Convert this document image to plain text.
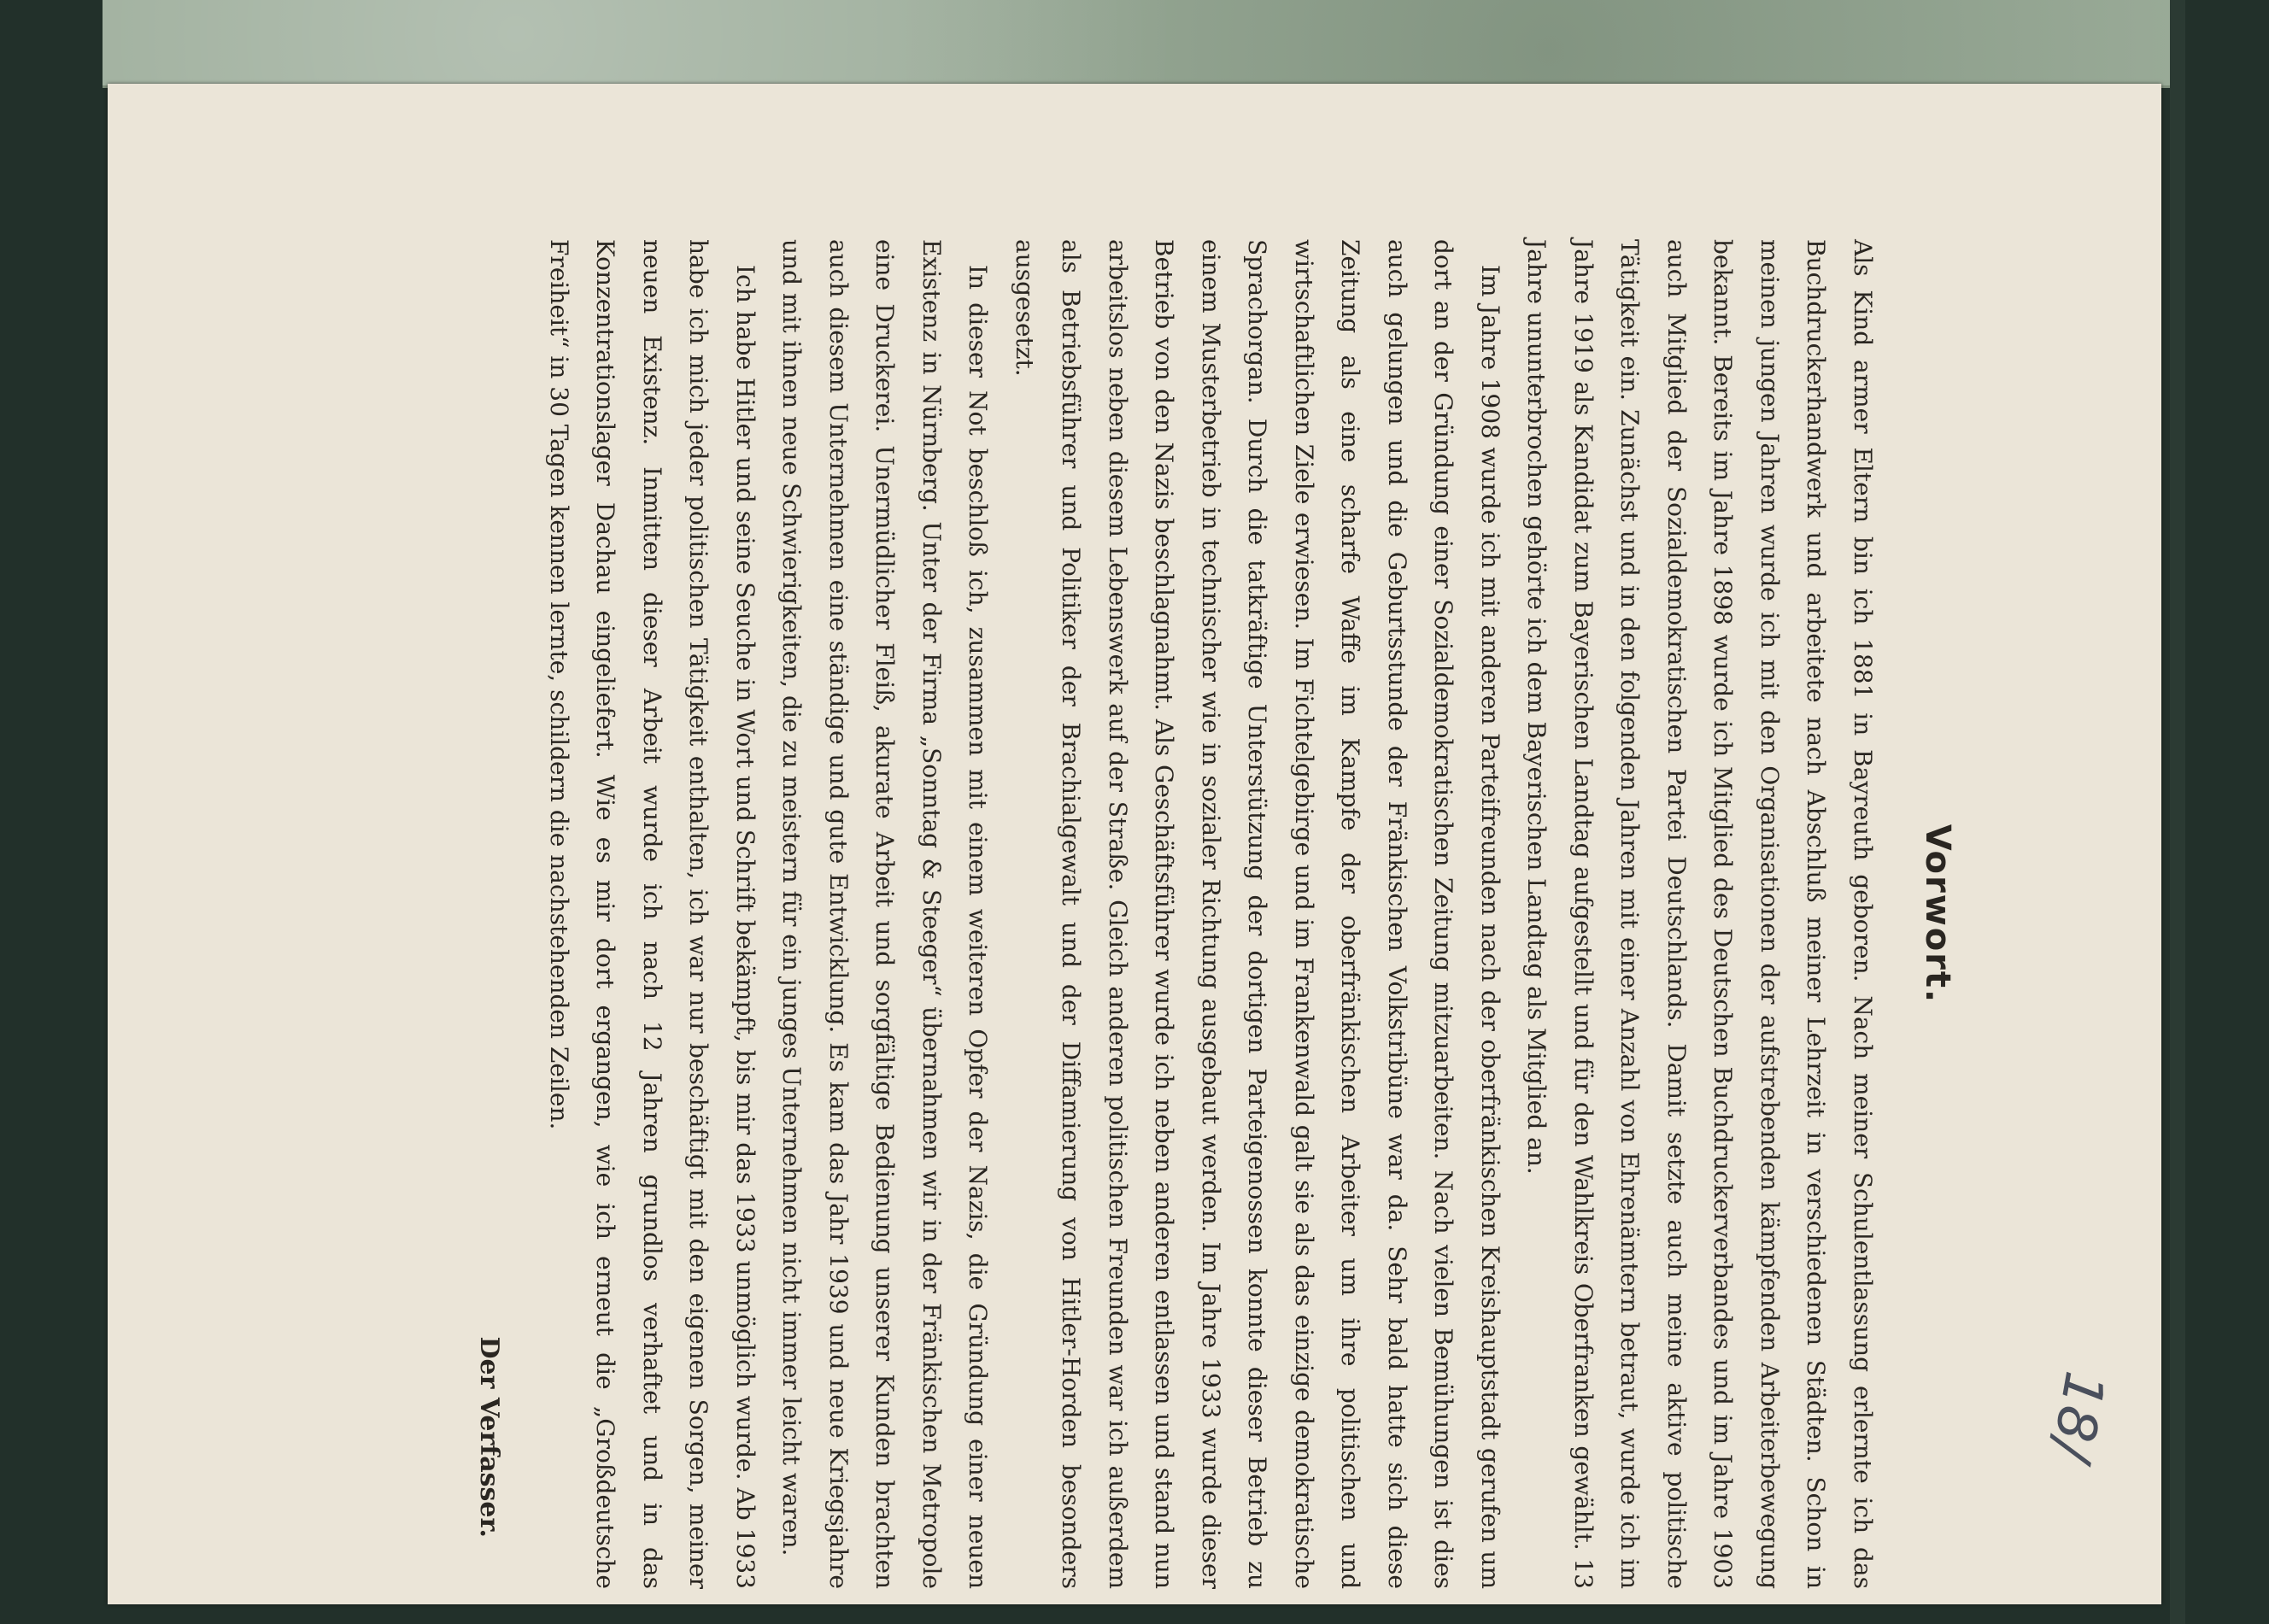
Vorwort.

Als Kind armer Eltern bin ich 1881 in Bayreuth geboren. Nach meiner Schulentlassung erlernte ich das Buchdruckerhandwerk und arbeitete nach Abschluß meiner Lehrzeit in verschiedenen Städten. Schon in meinen jungen Jahren wurde ich mit den Organisationen der aufstrebenden kämpfenden Arbeiterbewegung bekannt. Bereits im Jahre 1898 wurde ich Mitglied des Deutschen Buchdruckerverbandes und im Jahre 1903 auch Mitglied der Sozialdemokratischen Partei Deutschlands. Damit setzte auch meine aktive politische Tätigkeit ein. Zunächst und in den folgenden Jahren mit einer Anzahl von Ehrenämtern betraut, wurde ich im Jahre 1919 als Kandidat zum Bayerischen Landtag aufgestellt und für den Wahlkreis Oberfranken gewählt. 13 Jahre ununterbrochen gehörte ich dem Bayerischen Landtag als Mitglied an.

Im Jahre 1908 wurde ich mit anderen Parteifreunden nach der oberfränkischen Kreishauptstadt gerufen um dort an der Gründung einer Sozialdemokratischen Zeitung mitzuarbeiten. Nach vielen Bemühungen ist dies auch gelungen und die Geburtsstunde der Fränkischen Volkstribüne war da. Sehr bald hatte sich diese Zeitung als eine scharfe Waffe im Kampfe der oberfränkischen Arbeiter um ihre politischen und wirtschaftlichen Ziele erwiesen. Im Fichtelgebirge und im Frankenwald galt sie als das einzige demokratische Sprachorgan. Durch die tatkräftige Unterstützung der dortigen Parteigenossen konnte dieser Betrieb zu einem Musterbetrieb in technischer wie in sozialer Richtung ausgebaut werden. Im Jahre 1933 wurde dieser Betrieb von den Nazis beschlagnahmt. Als Geschäftsführer wurde ich neben anderen entlassen und stand nun arbeitslos neben diesem Lebenswerk auf der Straße. Gleich anderen politischen Freunden war ich außerdem als Betriebsführer und Politiker der Brachialgewalt und der Diffamierung von Hitler-Horden besonders ausgesetzt.

In dieser Not beschloß ich, zusammen mit einem weiteren Opfer der Nazis, die Gründung einer neuen Existenz in Nürnberg. Unter der Firma „Sonntag & Steeger“ übernahmen wir in der Fränkischen Metropole eine Druckerei. Unermüdlicher Fleiß, akurate Arbeit und sorgfältige Bedienung unserer Kunden brachten auch diesem Unternehmen eine ständige und gute Entwicklung. Es kam das Jahr 1939 und neue Kriegsjahre und mit ihnen neue Schwierigkeiten, die zu meistern für ein junges Unternehmen nicht immer leicht waren.

Ich habe Hitler und seine Seuche in Wort und Schrift bekämpft, bis mir das 1933 unmöglich wurde. Ab 1933 habe ich mich jeder politischen Tätigkeit enthalten, ich war nur beschäftigt mit den eigenen Sorgen, meiner neuen Existenz. Inmitten dieser Arbeit wurde ich nach 12 Jahren grundlos verhaftet und in das Konzentrationslager Dachau eingeliefert. Wie es mir dort ergangen, wie ich erneut die „Großdeutsche Freiheit“ in 30 Tagen kennen lernte, schildern die nachstehenden Zeilen.

Der Verfasser.	18/
